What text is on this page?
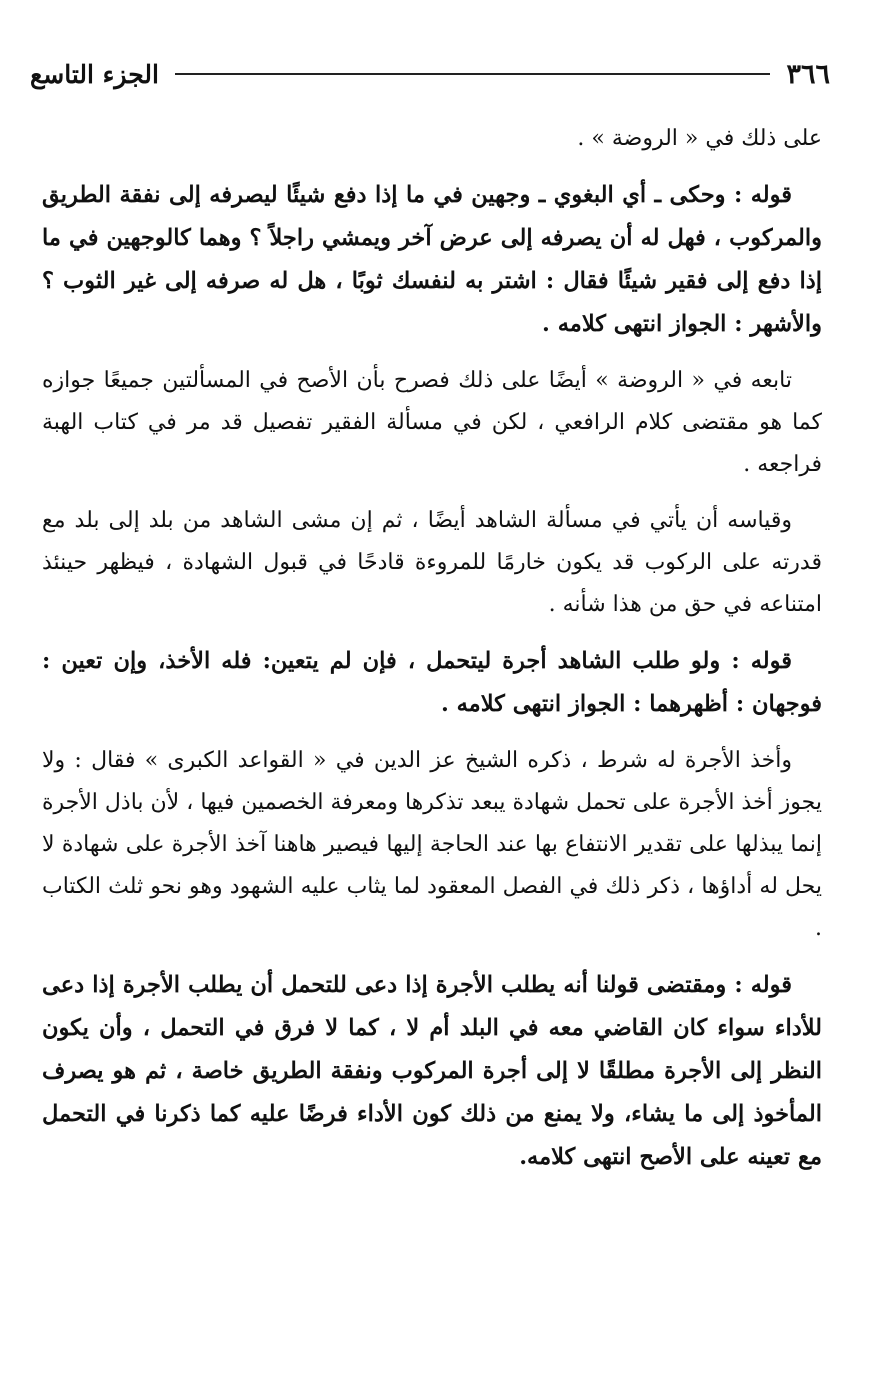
٣٦٦
الجزء التاسع

على ذلك في « الروضة » .

قوله : وحكى ـ أي البغوي ـ وجهين في ما إذا دفع شيئًا ليصرفه إلى نفقة الطريق والمركوب ، فهل له أن يصرفه إلى عرض آخر ويمشي راجلاً ؟ وهما كالوجهين في ما إذا دفع إلى فقير شيئًا فقال : اشتر به لنفسك ثوبًا ، هل له صرفه إلى غير الثوب ؟ والأشهر : الجواز انتهى كلامه .

تابعه في « الروضة » أيضًا على ذلك فصرح بأن الأصح في المسألتين جميعًا جوازه كما هو مقتضى كلام الرافعي ، لكن في مسألة الفقير تفصيل قد مر في كتاب الهبة فراجعه .

وقياسه أن يأتي في مسألة الشاهد أيضًا ، ثم إن مشى الشاهد من بلد إلى بلد مع قدرته على الركوب قد يكون خارمًا للمروءة قادحًا في قبول الشهادة ، فيظهر حينئذ امتناعه في حق من هذا شأنه .

قوله : ولو طلب الشاهد أجرة ليتحمل ، فإن لم يتعين: فله الأخذ، وإن تعين : فوجهان : أظهرهما : الجواز انتهى كلامه .

وأخذ الأجرة له شرط ، ذكره الشيخ عز الدين في « القواعد الكبرى » فقال : ولا يجوز أخذ الأجرة على تحمل شهادة يبعد تذكرها ومعرفة الخصمين فيها ، لأن باذل الأجرة إنما يبذلها على تقدير الانتفاع بها عند الحاجة إليها فيصير هاهنا آخذ الأجرة على شهادة لا يحل له أداؤها ، ذكر ذلك في الفصل المعقود لما يثاب عليه الشهود وهو نحو ثلث الكتاب .

قوله : ومقتضى قولنا أنه يطلب الأجرة إذا دعى للتحمل أن يطلب الأجرة إذا دعى للأداء سواء كان القاضي معه في البلد أم لا ، كما لا فرق في التحمل ، وأن يكون النظر إلى الأجرة مطلقًا لا إلى أجرة المركوب ونفقة الطريق خاصة ، ثم هو يصرف المأخوذ إلى ما يشاء، ولا يمنع من ذلك كون الأداء فرضًا عليه كما ذكرنا في التحمل مع تعينه على الأصح انتهى كلامه.
